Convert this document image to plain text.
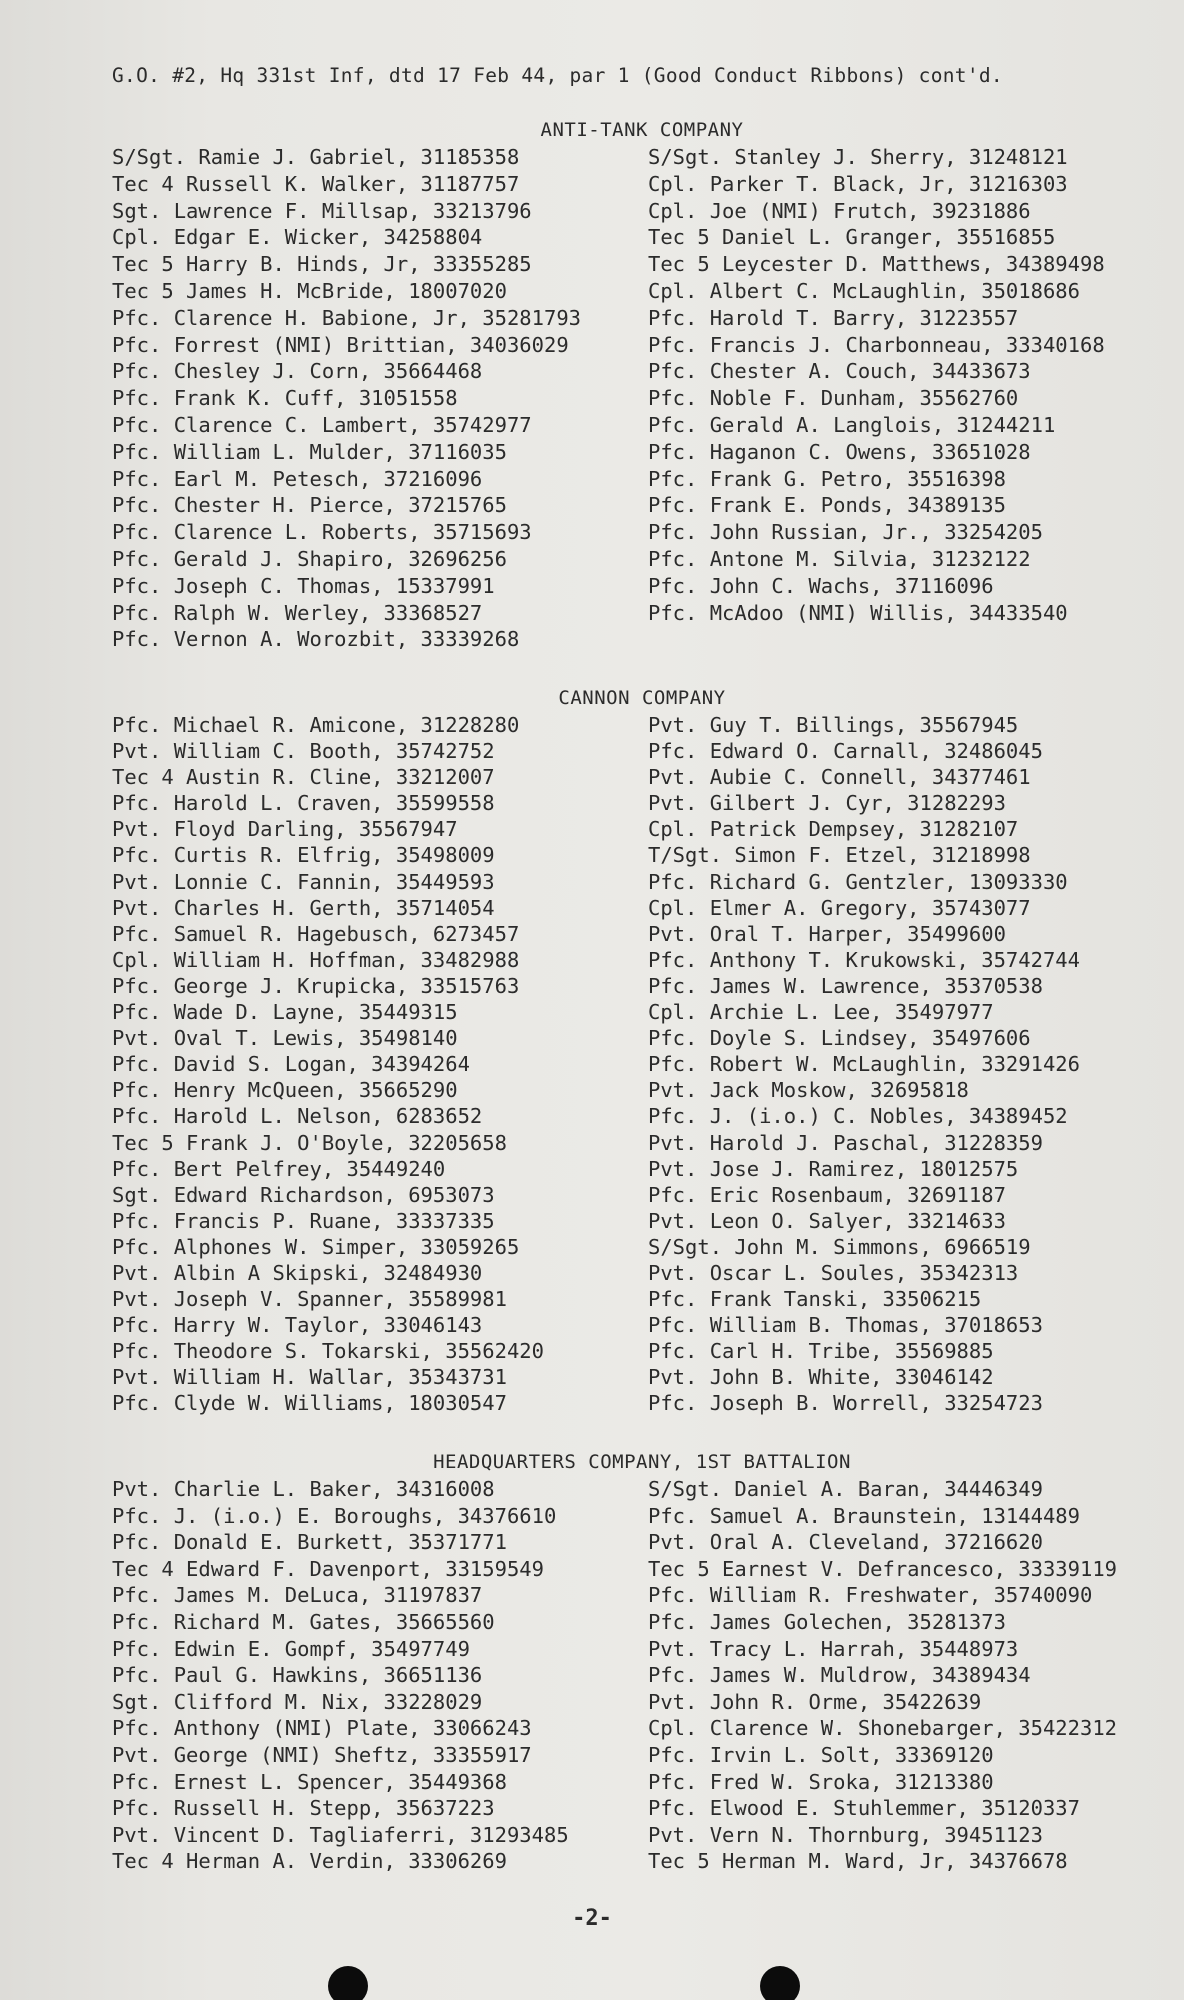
G.O. #2, Hq 331st Inf, dtd 17 Feb 44, par 1 (Good Conduct Ribbons) cont'd.
ANTI-TANK COMPANY
S/Sgt. Ramie J. Gabriel, 31185358
Tec 4 Russell K. Walker, 31187757
Sgt. Lawrence F. Millsap, 33213796
Cpl. Edgar E. Wicker, 34258804
Tec 5 Harry B. Hinds, Jr, 33355285
Tec 5 James H. McBride, 18007020
Pfc. Clarence H. Babione, Jr, 35281793
Pfc. Forrest (NMI) Brittian, 34036029
Pfc. Chesley J. Corn, 35664468
Pfc. Frank K. Cuff, 31051558
Pfc. Clarence C. Lambert, 35742977
Pfc. William L. Mulder, 37116035
Pfc. Earl M. Petesch, 37216096
Pfc. Chester H. Pierce, 37215765
Pfc. Clarence L. Roberts, 35715693
Pfc. Gerald J. Shapiro, 32696256
Pfc. Joseph C. Thomas, 15337991
Pfc. Ralph W. Werley, 33368527
Pfc. Vernon A. Worozbit, 33339268
S/Sgt. Stanley J. Sherry, 31248121
Cpl. Parker T. Black, Jr, 31216303
Cpl. Joe (NMI) Frutch, 39231886
Tec 5 Daniel L. Granger, 35516855
Tec 5 Leycester D. Matthews, 34389498
Cpl. Albert C. McLaughlin, 35018686
Pfc. Harold T. Barry, 31223557
Pfc. Francis J. Charbonneau, 33340168
Pfc. Chester A. Couch, 34433673
Pfc. Noble F. Dunham, 35562760
Pfc. Gerald A. Langlois, 31244211
Pfc. Haganon C. Owens, 33651028
Pfc. Frank G. Petro, 35516398
Pfc. Frank E. Ponds, 34389135
Pfc. John Russian, Jr., 33254205
Pfc. Antone M. Silvia, 31232122
Pfc. John C. Wachs, 37116096
Pfc. McAdoo (NMI) Willis, 34433540
CANNON COMPANY
Pfc. Michael R. Amicone, 31228280
Pvt. William C. Booth, 35742752
Tec 4 Austin R. Cline, 33212007
Pfc. Harold L. Craven, 35599558
Pvt. Floyd Darling, 35567947
Pfc. Curtis R. Elfrig, 35498009
Pvt. Lonnie C. Fannin, 35449593
Pvt. Charles H. Gerth, 35714054
Pfc. Samuel R. Hagebusch, 6273457
Cpl. William H. Hoffman, 33482988
Pfc. George J. Krupicka, 33515763
Pfc. Wade D. Layne, 35449315
Pvt. Oval T. Lewis, 35498140
Pfc. David S. Logan, 34394264
Pfc. Henry McQueen, 35665290
Pfc. Harold L. Nelson, 6283652
Tec 5 Frank J. O'Boyle, 32205658
Pfc. Bert Pelfrey, 35449240
Sgt. Edward Richardson, 6953073
Pfc. Francis P. Ruane, 33337335
Pfc. Alphones W. Simper, 33059265
Pvt. Albin A Skipski, 32484930
Pvt. Joseph V. Spanner, 35589981
Pfc. Harry W. Taylor, 33046143
Pfc. Theodore S. Tokarski, 35562420
Pvt. William H. Wallar, 35343731
Pfc. Clyde W. Williams, 18030547
Pvt. Guy T. Billings, 35567945
Pfc. Edward O. Carnall, 32486045
Pvt. Aubie C. Connell, 34377461
Pvt. Gilbert J. Cyr, 31282293
Cpl. Patrick Dempsey, 31282107
T/Sgt. Simon F. Etzel, 31218998
Pfc. Richard G. Gentzler, 13093330
Cpl. Elmer A. Gregory, 35743077
Pvt. Oral T. Harper, 35499600
Pfc. Anthony T. Krukowski, 35742744
Pfc. James W. Lawrence, 35370538
Cpl. Archie L. Lee, 35497977
Pfc. Doyle S. Lindsey, 35497606
Pfc. Robert W. McLaughlin, 33291426
Pvt. Jack Moskow, 32695818
Pfc. J. (i.o.) C. Nobles, 34389452
Pvt. Harold J. Paschal, 31228359
Pvt. Jose J. Ramirez, 18012575
Pfc. Eric Rosenbaum, 32691187
Pvt. Leon O. Salyer, 33214633
S/Sgt. John M. Simmons, 6966519
Pvt. Oscar L. Soules, 35342313
Pfc. Frank Tanski, 33506215
Pfc. William B. Thomas, 37018653
Pfc. Carl H. Tribe, 35569885
Pvt. John B. White, 33046142
Pfc. Joseph B. Worrell, 33254723
HEADQUARTERS COMPANY, 1ST BATTALION
Pvt. Charlie L. Baker, 34316008
Pfc. J. (i.o.) E. Boroughs, 34376610
Pfc. Donald E. Burkett, 35371771
Tec 4 Edward F. Davenport, 33159549
Pfc. James M. DeLuca, 31197837
Pfc. Richard M. Gates, 35665560
Pfc. Edwin E. Gompf, 35497749
Pfc. Paul G. Hawkins, 36651136
Sgt. Clifford M. Nix, 33228029
Pfc. Anthony (NMI) Plate, 33066243
Pvt. George (NMI) Sheftz, 33355917
Pfc. Ernest L. Spencer, 35449368
Pfc. Russell H. Stepp, 35637223
Pvt. Vincent D. Tagliaferri, 31293485
Tec 4 Herman A. Verdin, 33306269
S/Sgt. Daniel A. Baran, 34446349
Pfc. Samuel A. Braunstein, 13144489
Pvt. Oral A. Cleveland, 37216620
Tec 5 Earnest V. Defrancesco, 33339119
Pfc. William R. Freshwater, 35740090
Pfc. James Golechen, 35281373
Pvt. Tracy L. Harrah, 35448973
Pfc. James W. Muldrow, 34389434
Pvt. John R. Orme, 35422639
Cpl. Clarence W. Shonebarger, 35422312
Pfc. Irvin L. Solt, 33369120
Pfc. Fred W. Sroka, 31213380
Pfc. Elwood E. Stuhlemmer, 35120337
Pvt. Vern N. Thornburg, 39451123
Tec 5 Herman M. Ward, Jr, 34376678
-2-
